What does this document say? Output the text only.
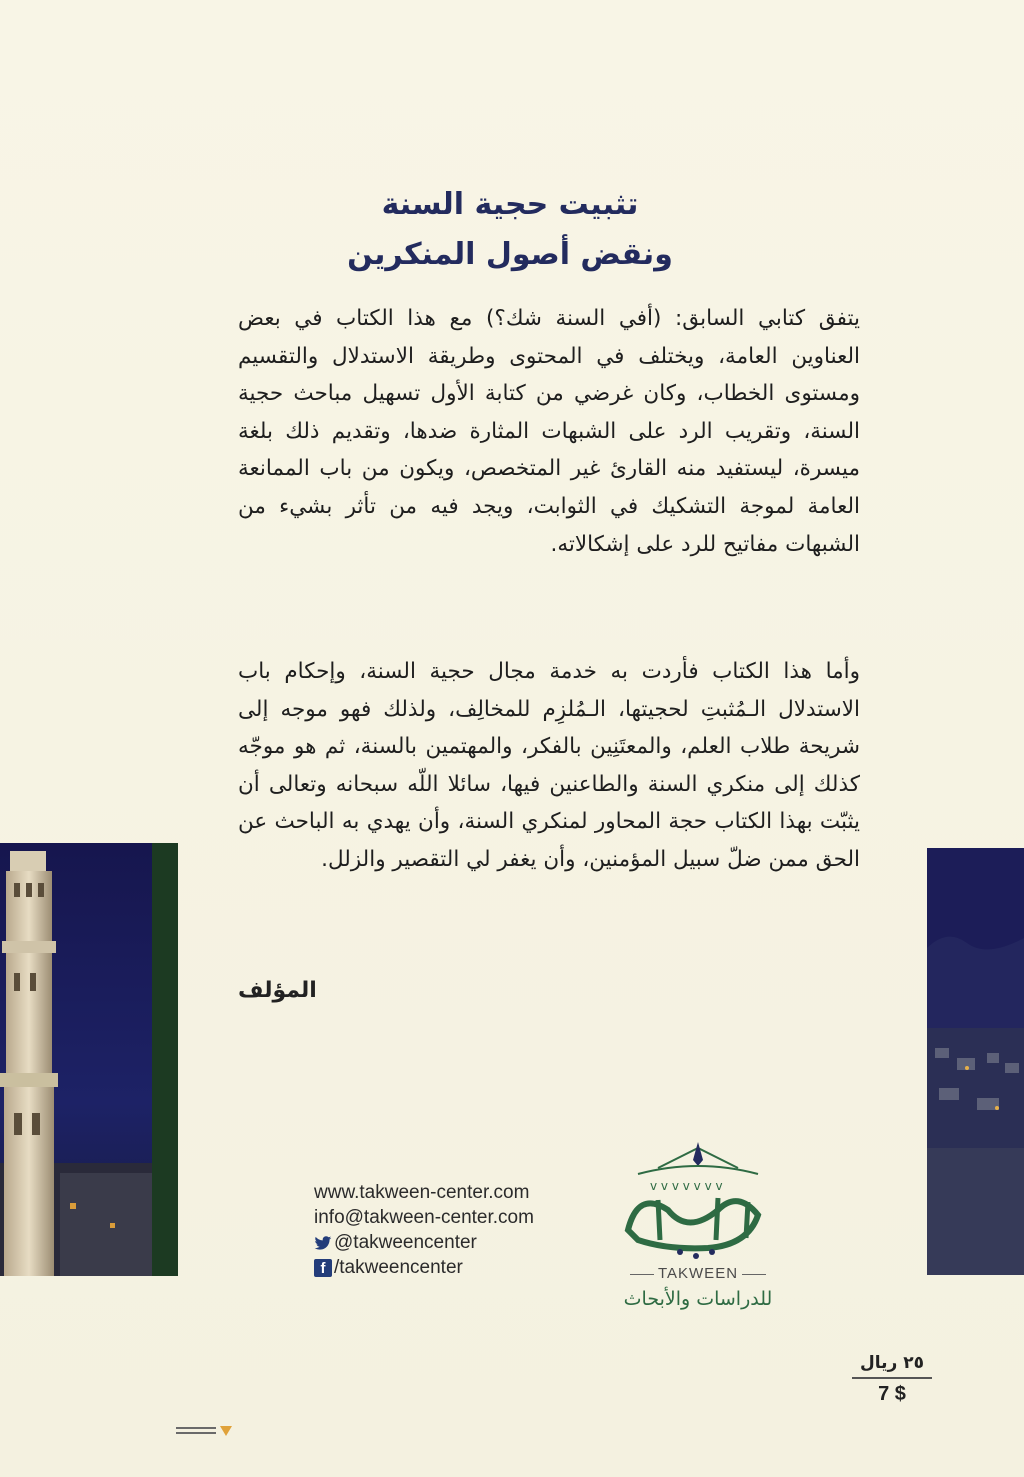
تثبيت حجية السنة
ونقض أصول المنكرين
يتفق كتابي السابق: (أفي السنة شك؟) مع هذا الكتاب في بعض العناوين العامة، ويختلف في المحتوى وطريقة الاستدلال والتقسيم ومستوى الخطاب، وكان غرضي من كتابة الأول تسهيل مباحث حجية السنة، وتقريب الرد على الشبهات المثارة ضدها، وتقديم ذلك بلغة ميسرة، ليستفيد منه القارئ غير المتخصص، ويكون من باب الممانعة العامة لموجة التشكيك في الثوابت، ويجد فيه من تأثر بشيء من الشبهات مفاتيح للرد على إشكالاته.
وأما هذا الكتاب فأردت به خدمة مجال حجية السنة، وإحكام باب الاستدلال الـمُثبتِ لحجيتها، الـمُلزِم للمخالِف، ولذلك فهو موجه إلى شريحة طلاب العلم، والمعتَنِين بالفكر، والمهتمين بالسنة، ثم هو موجّه كذلك إلى منكري السنة والطاعنين فيها، سائلا اللّه سبحانه وتعالى أن يثبّت بهذا الكتاب حجة المحاور لمنكري السنة، وأن يهدي به الباحث عن الحق ممن ضلّ سبيل المؤمنين، وأن يغفر لي التقصير والزلل.
المؤلف
www.takween-center.com
info@takween-center.com
@takweencenter
f /takweencenter
v v v v v v v
TAKWEEN
للدراسات والأبحاث
٢٥ ريال
7 $
